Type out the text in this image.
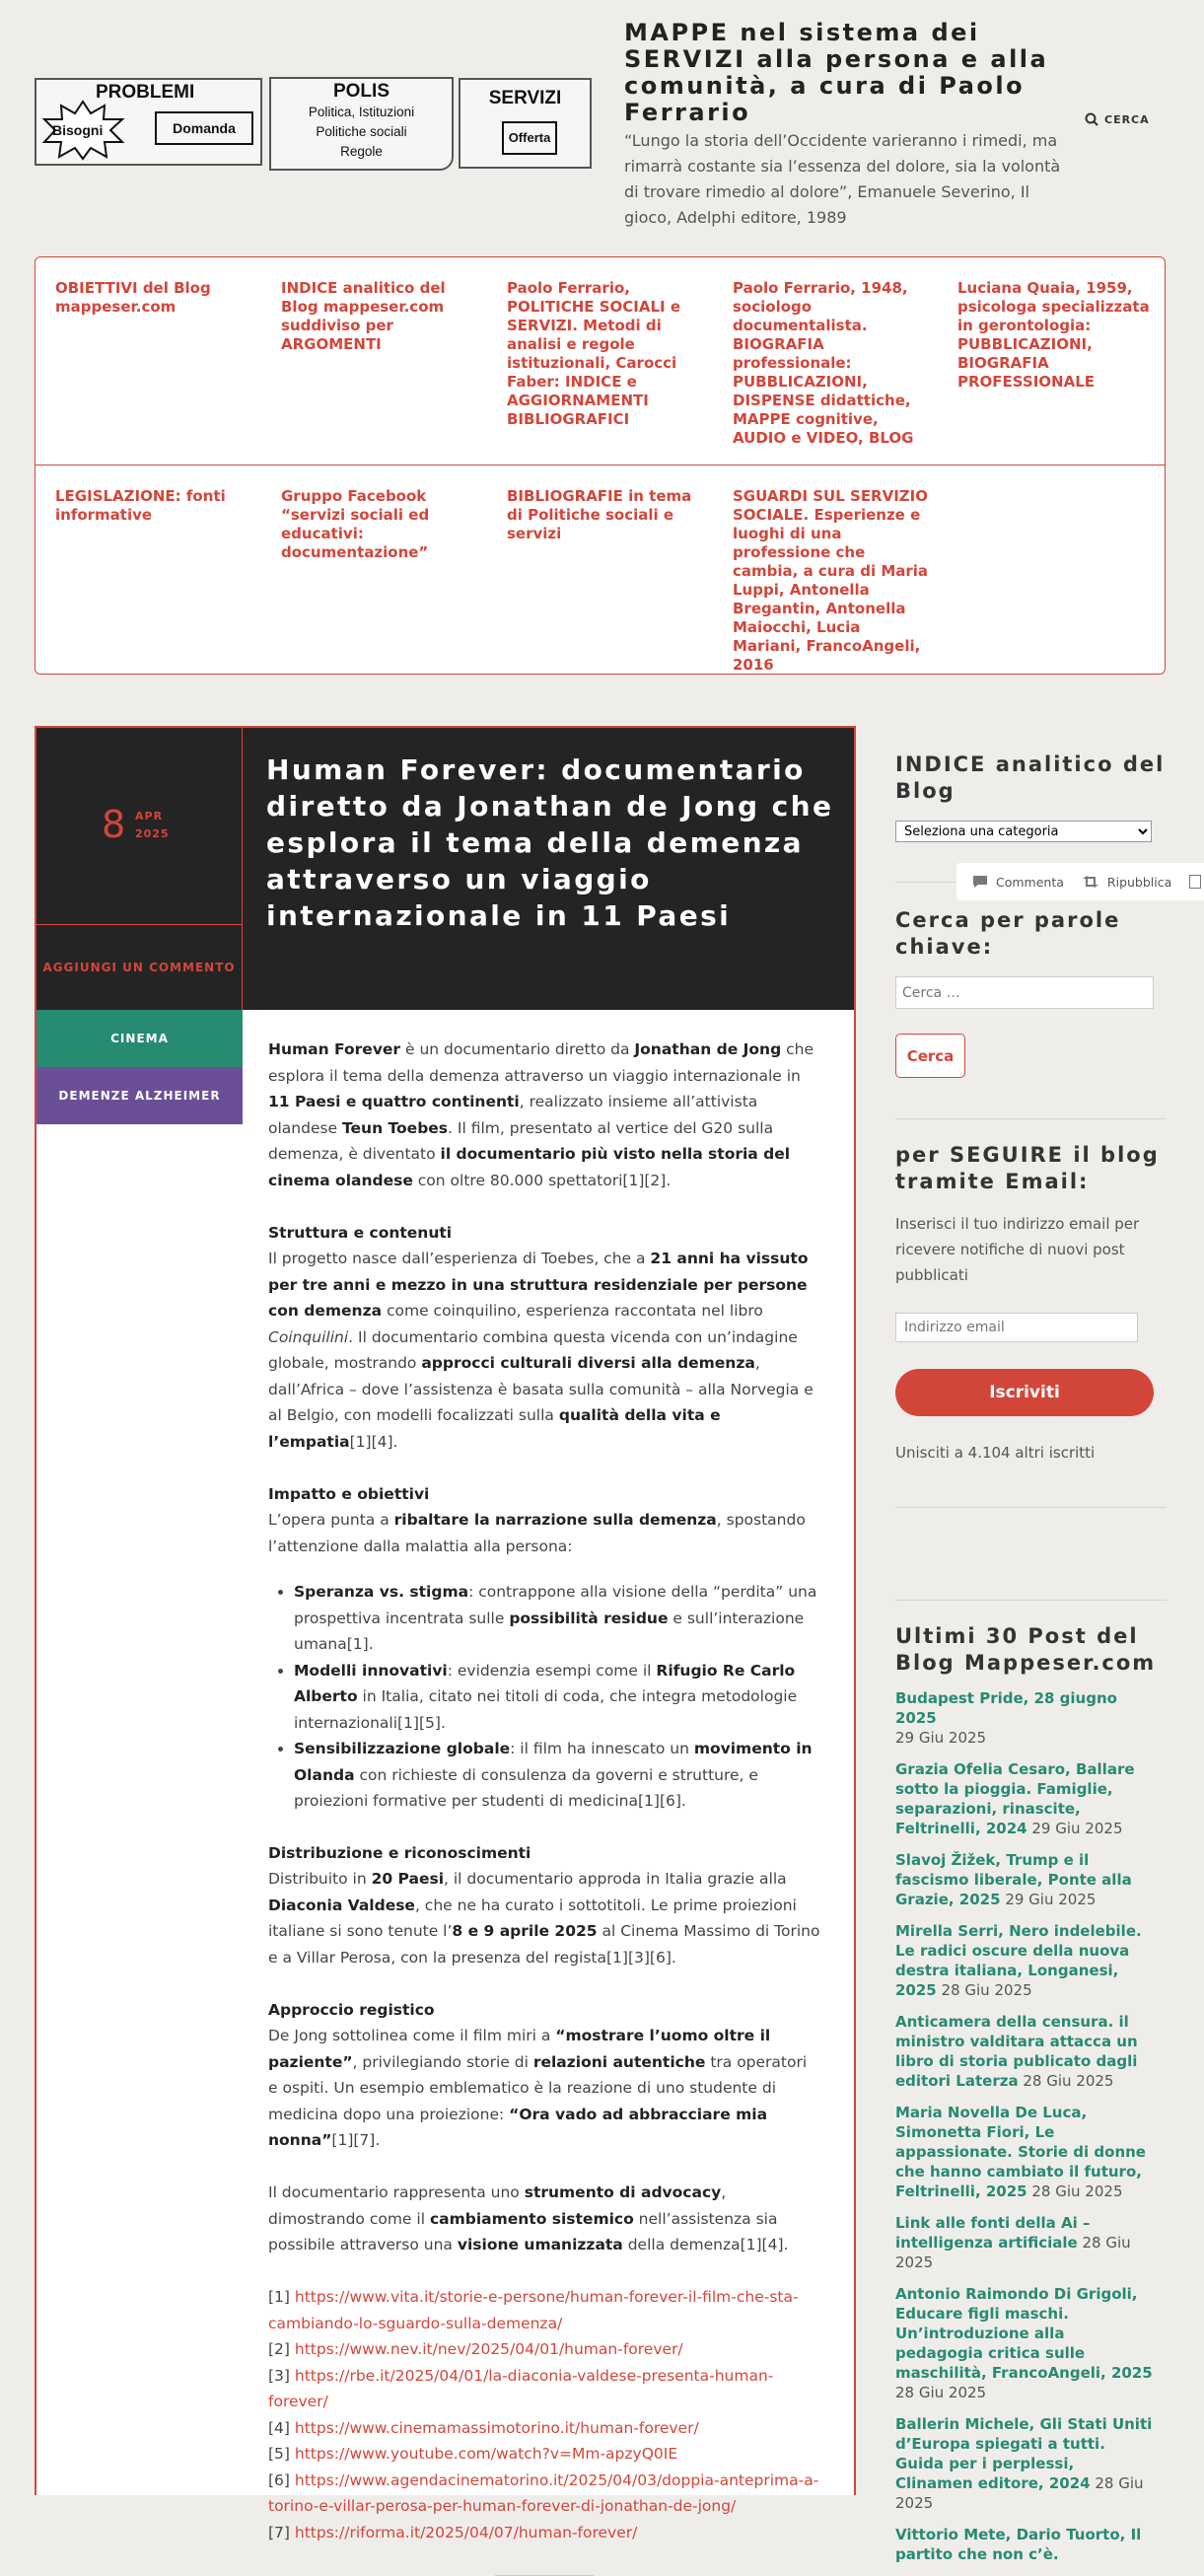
PROBLEMI
Bisogni	Domanda
POLIS
Politica, Istituzioni
Politiche sociali
Regole
SERVIZI
Offerta
MAPPE nel sistema dei SERVIZI alla persona e alla comunità, a cura di Paolo Ferrario
“Lungo la storia dell’Occidente varieranno i rimedi, ma rimarrà costante sia l’essenza del dolore, sia la volontà di trovare rimedio al dolore”, Emanuele Severino, Il gioco, Adelphi editore, 1989
CERCA
OBIETTIVI del Blog mappeser.com
INDICE analitico del Blog mappeser.com suddiviso per ARGOMENTI
Paolo Ferrario, POLITICHE SOCIALI e SERVIZI. Metodi di analisi e regole istituzionali, Carocci Faber: INDICE e AGGIORNAMENTI BIBLIOGRAFICI
Paolo Ferrario, 1948, sociologo documentalista. BIOGRAFIA professionale: PUBBLICAZIONI, DISPENSE didattiche, MAPPE cognitive, AUDIO e VIDEO, BLOG
Luciana Quaia, 1959, psicologa specializzata in gerontologia: PUBBLICAZIONI, BIOGRAFIA PROFESSIONALE
LEGISLAZIONE: fonti informative
Gruppo Facebook “servizi sociali ed educativi: documentazione”
BIBLIOGRAFIE in tema di Politiche sociali e servizi
SGUARDI SUL SERVIZIO SOCIALE. Esperienze e luoghi di una professione che cambia, a cura di Maria Luppi, Antonella Bregantin, Antonella Maiocchi, Lucia Mariani, FrancoAngeli, 2016
8 APR
2025
AGGIUNGI UN COMMENTO
Human Forever: documentario diretto da Jonathan de Jong che esplora il tema della demenza attraverso un viaggio internazionale in 11 Paesi
CINEMA
DEMENZE ALZHEIMER

Human Forever è un documentario diretto da Jonathan de Jong che esplora il tema della demenza attraverso un viaggio internazionale in 11 Paesi e quattro continenti, realizzato insieme all’attivista olandese Teun Toebes. Il film, presentato al vertice del G20 sulla demenza, è diventato il documentario più visto nella storia del cinema olandese con oltre 80.000 spettatori[1][2].

Struttura e contenuti
Il progetto nasce dall’esperienza di Toebes, che a 21 anni ha vissuto per tre anni e mezzo in una struttura residenziale per persone con demenza come coinquilino, esperienza raccontata nel libro Coinquilini. Il documentario combina questa vicenda con un’indagine globale, mostrando approcci culturali diversi alla demenza, dall’Africa – dove l’assistenza è basata sulla comunità – alla Norvegia e al Belgio, con modelli focalizzati sulla qualità della vita e l’empatia[1][4].

Impatto e obiettivi
L’opera punta a ribaltare la narrazione sulla demenza, spostando l’attenzione dalla malattia alla persona:

• Speranza vs. stigma: contrappone alla visione della “perdita” una prospettiva incentrata sulle possibilità residue e sull’interazione umana[1].
• Modelli innovativi: evidenzia esempi come il Rifugio Re Carlo Alberto in Italia, citato nei titoli di coda, che integra metodologie internazionali[1][5].
• Sensibilizzazione globale: il film ha innescato un movimento in Olanda con richieste di consulenza da governi e strutture, e proiezioni formative per studenti di medicina[1][6].

Distribuzione e riconoscimenti
Distribuito in 20 Paesi, il documentario approda in Italia grazie alla Diaconia Valdese, che ne ha curato i sottotitoli. Le prime proiezioni italiane si sono tenute l’8 e 9 aprile 2025 al Cinema Massimo di Torino e a Villar Perosa, con la presenza del regista[1][3][6].

Approccio registico
De Jong sottolinea come il film miri a “mostrare l’uomo oltre il paziente”, privilegiando storie di relazioni autentiche tra operatori e ospiti. Un esempio emblematico è la reazione di uno studente di medicina dopo una proiezione: “Ora vado ad abbracciare mia nonna”[1][7].

Il documentario rappresenta uno strumento di advocacy, dimostrando come il cambiamento sistemico nell’assistenza sia possibile attraverso una visione umanizzata della demenza[1][4].

[1] https://www.vita.it/storie-e-persone/human-forever-il-film-che-sta-cambiando-lo-sguardo-sulla-demenza/
[2] https://www.nev.it/nev/2025/04/01/human-forever/
[3] https://rbe.it/2025/04/01/la-diaconia-valdese-presenta-human-forever/
[4] https://www.cinemamassimotorino.it/human-forever/
[5] https://www.youtube.com/watch?v=Mm-apzyQ0IE
[6] https://www.agendacinematorino.it/2025/04/03/doppia-anteprima-a-torino-e-villar-perosa-per-human-forever-di-jonathan-de-jong/
[7] https://riforma.it/2025/04/07/human-forever/
INDICE analitico del Blog
Seleziona una categoria
Cerca per parole chiave:
Cerca …
Cerca
per SEGUIRE il blog tramite Email:

Inserisci il tuo indirizzo email per ricevere notifiche di nuovi post pubblicati

Indirizzo email
Iscriviti

Unisciti a 4.104 altri iscritti

Ultimi 30 Post del Blog Mappeser.com
Budapest Pride, 28 giugno 2025
29 Giu 2025
Grazia Ofelia Cesaro, Ballare sotto la pioggia. Famiglie, separazioni, rinascite, Feltrinelli, 2024 29 Giu 2025
Slavoj Žižek, Trump e il fascismo liberale, Ponte alla Grazie, 2025 29 Giu 2025
Mirella Serri, Nero indelebile. Le radici oscure della nuova destra italiana, Longanesi, 2025 28 Giu 2025
Anticamera della censura. il ministro valditara attacca un libro di storia publicato dagli editori Laterza 28 Giu 2025
Maria Novella De Luca, Simonetta Fiori, Le appassionate. Storie di donne che hanno cambiato il futuro, Feltrinelli, 2025 28 Giu 2025
Link alle fonti della Ai – intelligenza artificiale 28 Giu 2025
Antonio Raimondo Di Grigoli, Educare figli maschi. Un’introduzione alla pedagogia critica sulle maschilità, FrancoAngeli, 2025 28 Giu 2025
Ballerin Michele, Gli Stati Uniti d’Europa spiegati a tutti. Guida per i perplessi, Clinamen editore, 2024 28 Giu 2025
Vittorio Mete, Dario Tuorto, Il partito che non c’è.
Commenta	Ripubblica
